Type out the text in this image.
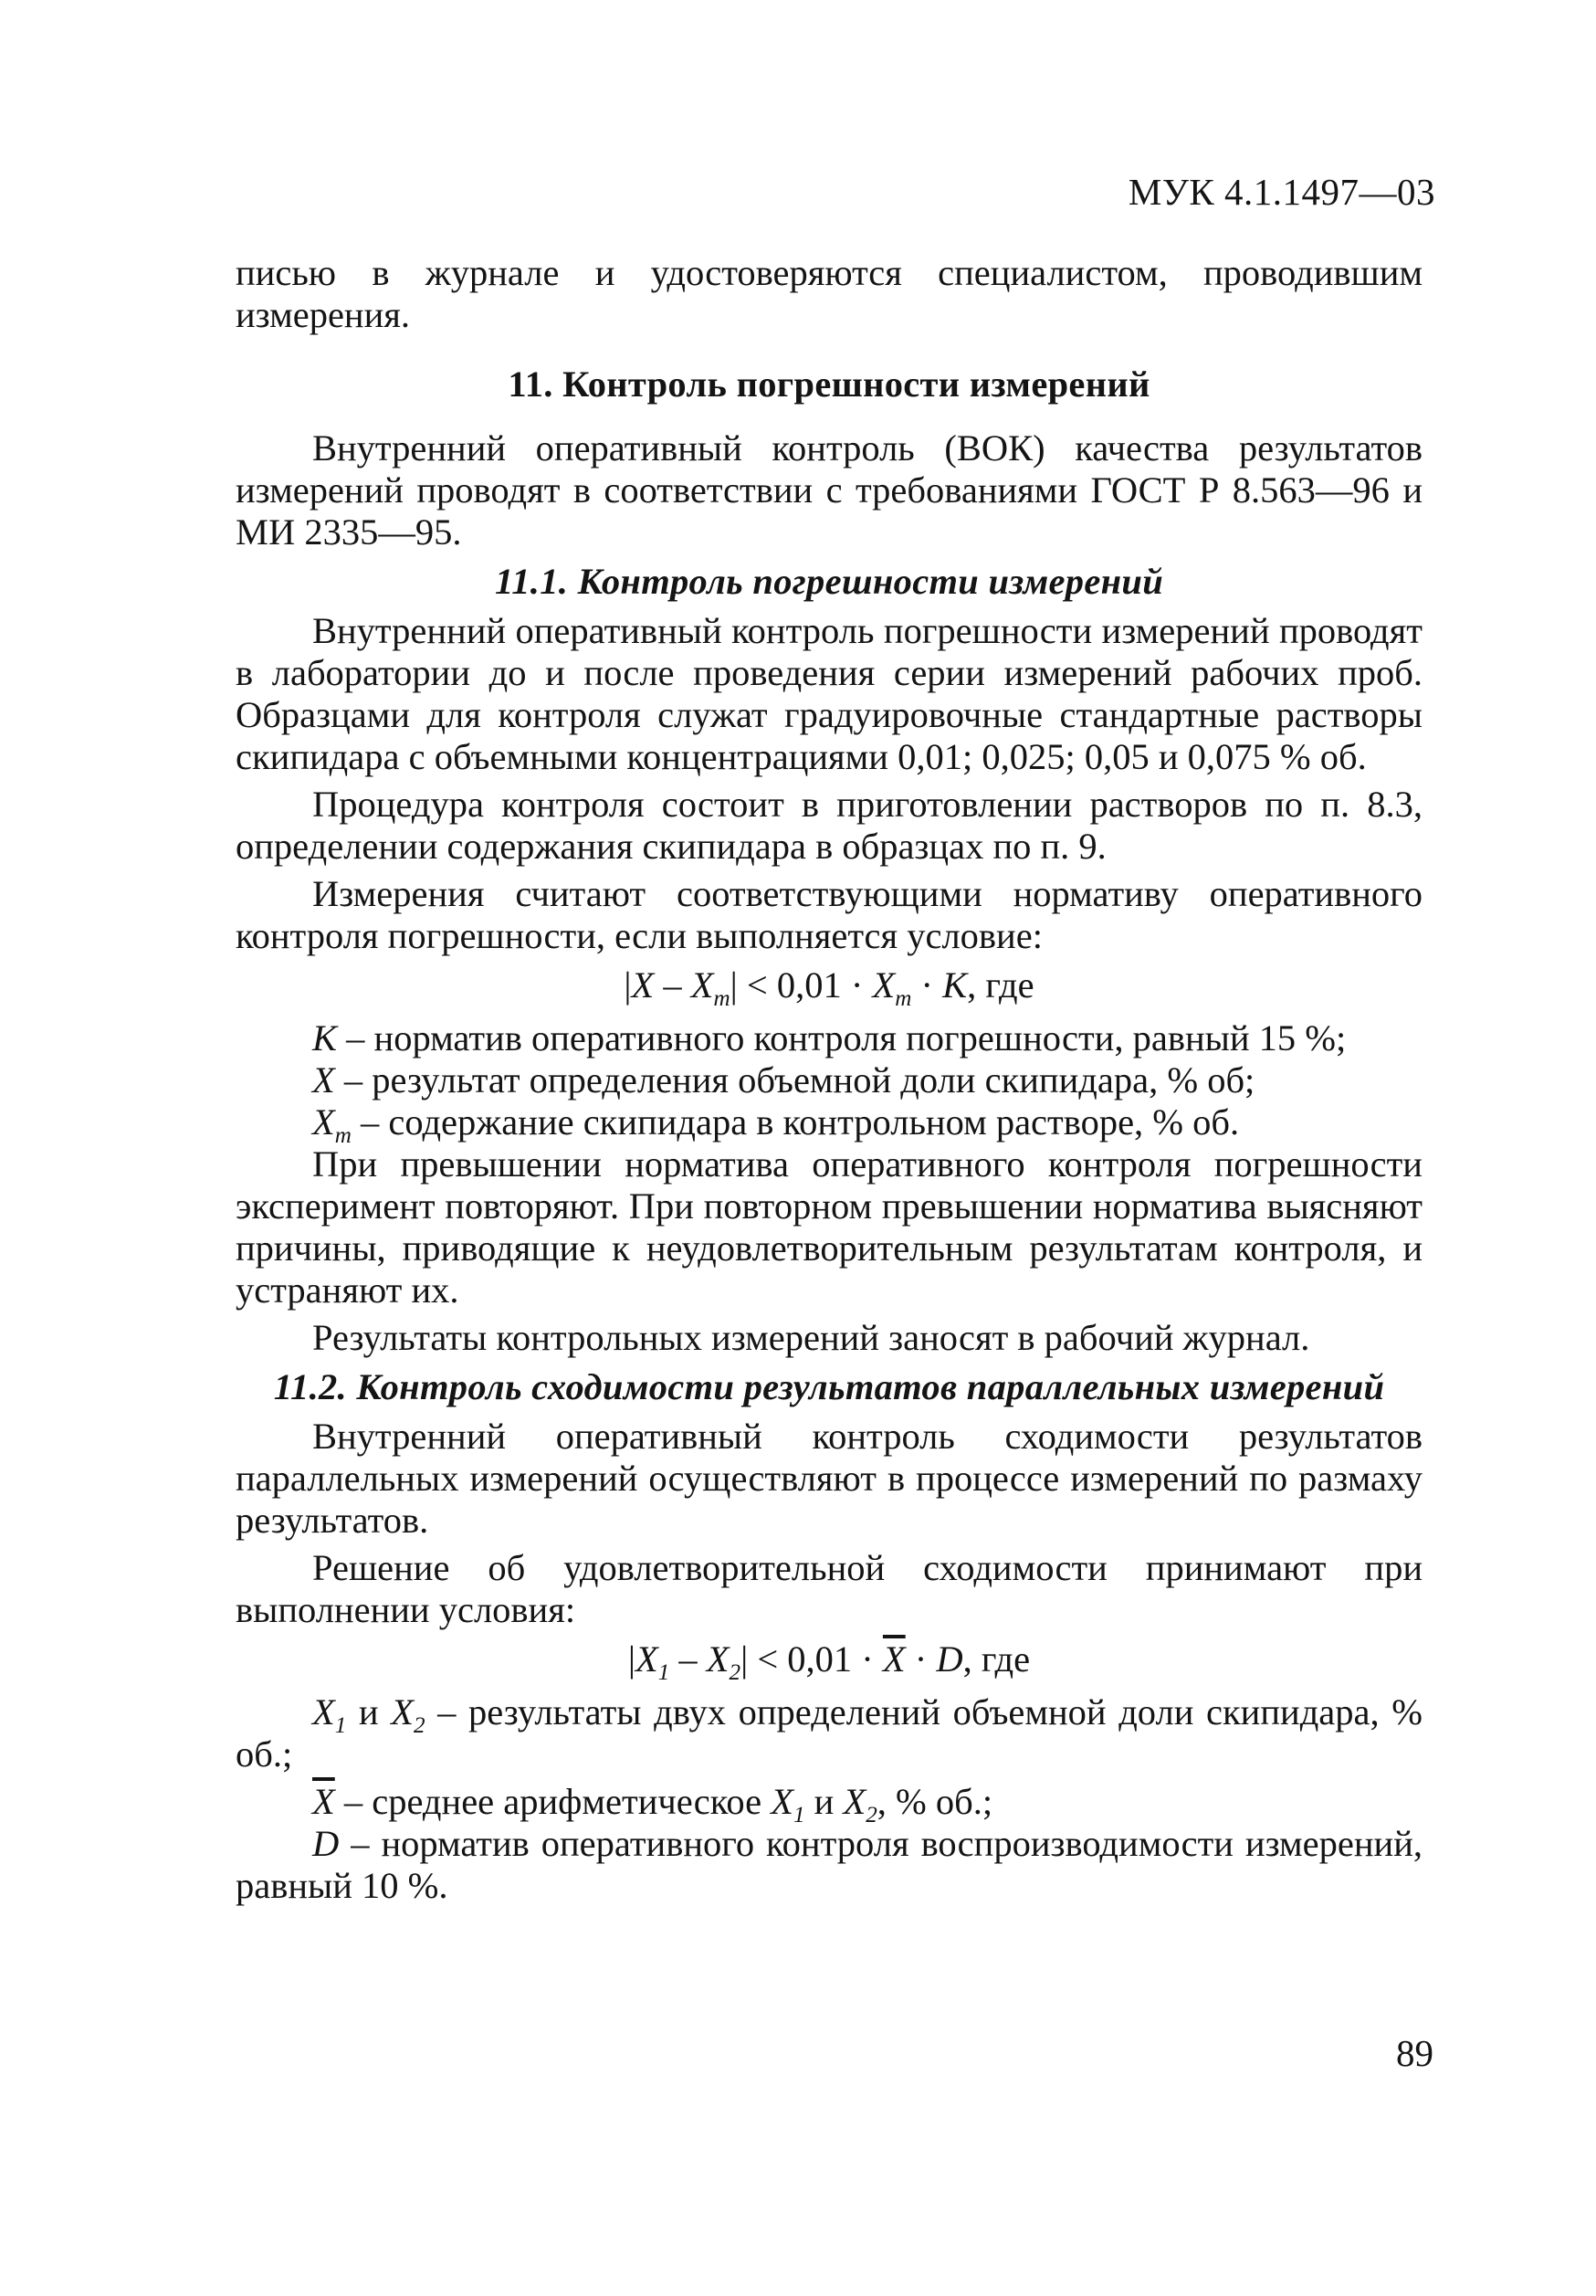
МУК 4.1.1497—03

писью в журнале и удостоверяются специалистом, проводившим измерения.

11. Контроль погрешности измерений

Внутренний оперативный контроль (ВОК) качества результатов измерений проводят в соответствии с требованиями ГОСТ Р 8.563—96 и МИ 2335—95.

11.1. Контроль погрешности измерений

Внутренний оперативный контроль погрешности измерений проводят в лаборатории до и после проведения серии измерений рабочих проб. Образцами для контроля служат градуировочные стандартные растворы скипидара с объемными концентрациями 0,01; 0,025; 0,05 и 0,075 % об.

Процедура контроля состоит в приготовлении растворов по п. 8.3, определении содержания скипидара в образцах по п. 9.

Измерения считают соответствующими нормативу оперативного контроля погрешности, если выполняется условие:

$|X - X_m| < 0,01 \cdot X_m \cdot K$, где

K – норматив оперативного контроля погрешности, равный 15 %;

X – результат определения объемной доли скипидара, % об;

$X_m$ – содержание скипидара в контрольном растворе, % об.

При превышении норматива оперативного контроля погрешности эксперимент повторяют. При повторном превышении норматива выясняют причины, приводящие к неудовлетворительным результатам контроля, и устраняют их.

Результаты контрольных измерений заносят в рабочий журнал.

11.2. Контроль сходимости результатов параллельных измерений

Внутренний оперативный контроль сходимости результатов параллельных измерений осуществляют в процессе измерений по размаху результатов.

Решение об удовлетворительной сходимости принимают при выполнении условия:

$|X_1 - X_2| < 0,01 \cdot \overline{X} \cdot D$, где

$X_1$ и $X_2$ – результаты двух определений объемной доли скипидара, % об.;

$\overline{X}$ – среднее арифметическое $X_1$ и $X_2$, % об.;

D – норматив оперативного контроля воспроизводимости измерений, равный 10 %.

89
